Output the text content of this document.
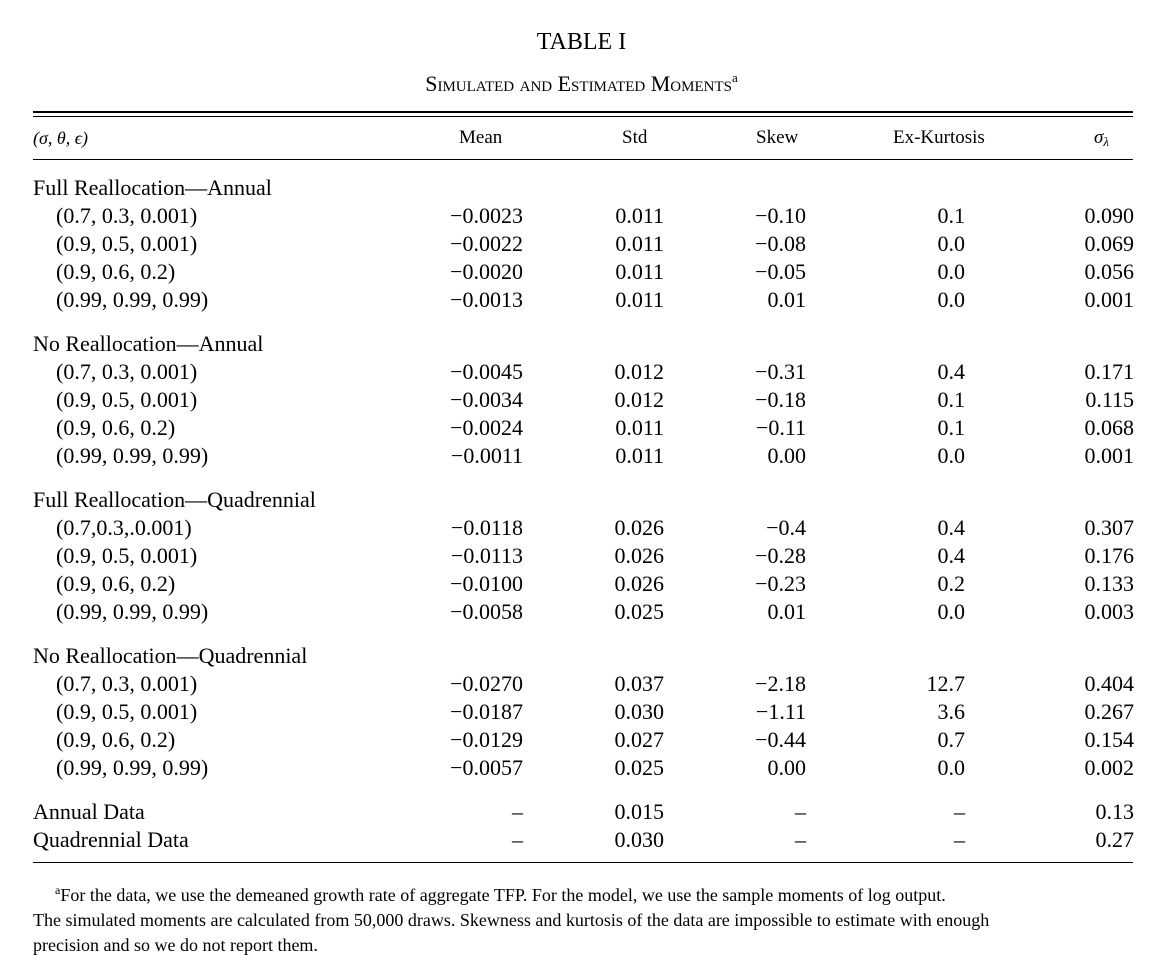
TABLE I
Simulated and Estimated Moments$^a$
(σ, θ, ϵ)	Mean	Std	Skew	Ex-Kurtosis	$\sigma_\lambda$
Full Reallocation—Annual
(0.7, 0.3, 0.001)	−0.0023	0.011	−0.10	0.1	0.090
(0.9, 0.5, 0.001)	−0.0022	0.011	−0.08	0.0	0.069
(0.9, 0.6, 0.2)	−0.0020	0.011	−0.05	0.0	0.056
(0.99, 0.99, 0.99)	−0.0013	0.011	0.01	0.0	0.001
No Reallocation—Annual
(0.7, 0.3, 0.001)	−0.0045	0.012	−0.31	0.4	0.171
(0.9, 0.5, 0.001)	−0.0034	0.012	−0.18	0.1	0.115
(0.9, 0.6, 0.2)	−0.0024	0.011	−0.11	0.1	0.068
(0.99, 0.99, 0.99)	−0.0011	0.011	0.00	0.0	0.001
Full Reallocation—Quadrennial
(0.7,0.3,.0.001)	−0.0118	0.026	−0.4	0.4	0.307
(0.9, 0.5, 0.001)	−0.0113	0.026	−0.28	0.4	0.176
(0.9, 0.6, 0.2)	−0.0100	0.026	−0.23	0.2	0.133
(0.99, 0.99, 0.99)	−0.0058	0.025	0.01	0.0	0.003
No Reallocation—Quadrennial
(0.7, 0.3, 0.001)	−0.0270	0.037	−2.18	12.7	0.404
(0.9, 0.5, 0.001)	−0.0187	0.030	−1.11	3.6	0.267
(0.9, 0.6, 0.2)	−0.0129	0.027	−0.44	0.7	0.154
(0.99, 0.99, 0.99)	−0.0057	0.025	0.00	0.0	0.002
Annual Data	–	0.015	–	–	0.13
Quadrennial Data	–	0.030	–	–	0.27
$^a$For the data, we use the demeaned growth rate of aggregate TFP. For the model, we use the sample moments of log output.
The simulated moments are calculated from 50,000 draws. Skewness and kurtosis of the data are impossible to estimate with enough
precision and so we do not report them.
